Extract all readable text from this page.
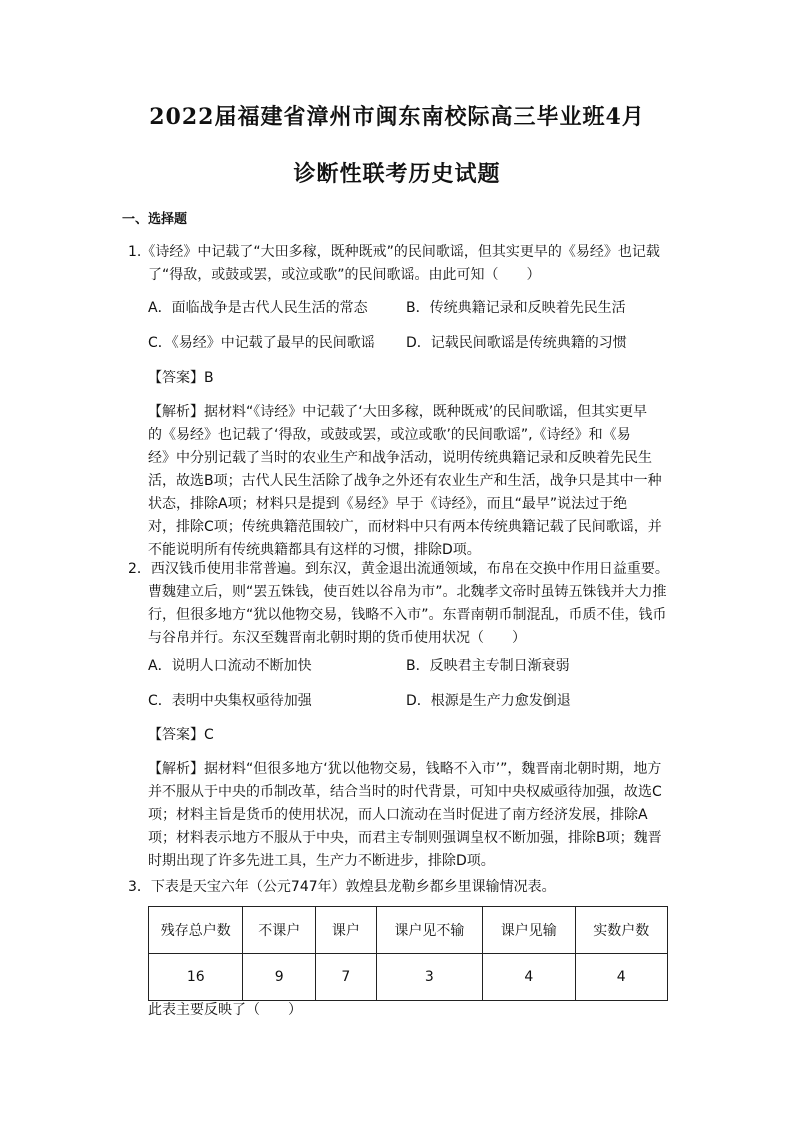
2022届福建省漳州市闽东南校际高三毕业班4月
诊断性联考历史试题
一、选择题
1.《诗经》中记载了“大田多稼，既种既戒”的民间歌谣，但其实更早的《易经》也记载
了“得敌，或鼓或罢，或泣或歌”的民间歌谣。由此可知（　　）
A．面临战争是古代人民生活的常态	B．传统典籍记录和反映着先民生活
C．《易经》中记载了最早的民间歌谣 D．记载民间歌谣是传统典籍的习惯
【答案】B
【解析】据材料“《诗经》中记载了‘大田多稼，既种既戒’的民间歌谣，但其实更早
的《易经》也记载了‘得敌，或鼓或罢，或泣或歌’的民间歌谣”,《诗经》和《易
经》中分别记载了当时的农业生产和战争活动，说明传统典籍记录和反映着先民生
活，故选B项；古代人民生活除了战争之外还有农业生产和生活，战争只是其中一种
状态，排除A项；材料只是提到《易经》早于《诗经》，而且“最早”说法过于绝
对，排除C项；传统典籍范围较广，而材料中只有两本传统典籍记载了民间歌谣，并
不能说明所有传统典籍都具有这样的习惯，排除D项。
2．西汉钱币使用非常普遍。到东汉，黄金退出流通领域，布帛在交换中作用日益重要。
曹魏建立后，则“罢五铢钱，使百姓以谷帛为市”。北魏孝文帝时虽铸五铢钱并大力推
行，但很多地方“犹以他物交易，钱略不入市”。东晋南朝币制混乱，币质不佳，钱币
与谷帛并行。东汉至魏晋南北朝时期的货币使用状况（　　）
A．说明人口流动不断加快	B．反映君主专制日渐衰弱
C．表明中央集权亟待加强	D．根源是生产力愈发倒退
【答案】C
【解析】据材料“但很多地方‘犹以他物交易，钱略不入市’”，魏晋南北朝时期，地方
并不服从于中央的币制改革，结合当时的时代背景，可知中央权威亟待加强，故选C
项；材料主旨是货币的使用状况，而人口流动在当时促进了南方经济发展，排除A
项；材料表示地方不服从于中央，而君主专制则强调皇权不断加强，排除B项；魏晋
时期出现了许多先进工具，生产力不断进步，排除D项。
3．下表是天宝六年（公元747年）敦煌县龙勒乡都乡里课输情况表。
残存总户数	不课户	课户	课户见不输	课户见输	实数户数
16	9	7	3	4	4
此表主要反映了（　　）
